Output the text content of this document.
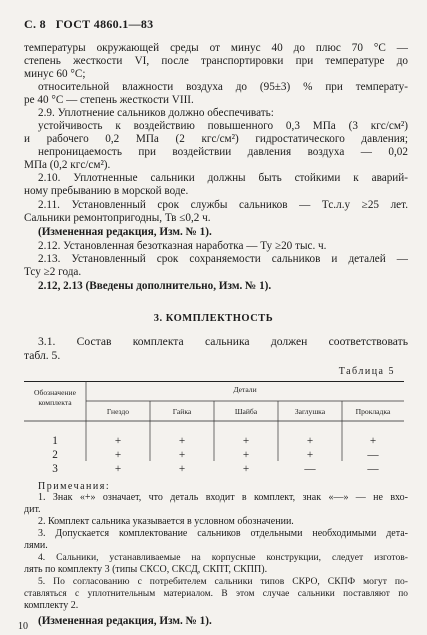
С. 8 ГОСТ 4860.1—83
температуры окружающей среды от минус 40 до плюс 70 °С —
степень жесткости VI, после транспортировки при температуре до
минус 60 °С;
относительной влажности воздуха до (95±3) % при температу-
ре 40 °С — степень жесткости VIII.
2.9. Уплотнение сальников должно обеспечивать:
устойчивость к воздействию повышенного 0,3 МПа (3 кгс/см²)
и рабочего 0,2 МПа (2 кгс/см²) гидростатического давления;
непроницаемость при воздействии давления воздуха — 0,02
МПа (0,2 кгс/см²).
2.10. Уплотненные сальники должны быть стойкими к аварий-
ному пребыванию в морской воде.
2.11. Установленный срок службы сальников — Тс.л.у ≥25 лет.
Сальники ремонтопригодны, Тв ≤0,2 ч.
(Измененная редакция, Изм. № 1).
2.12. Установленная безотказная наработка — Ту ≥20 тыс. ч.
2.13. Установленный срок сохраняемости сальников и деталей —
Тсу ≥2 года.
2.12, 2.13 (Введены дополнительно, Изм. № 1).
3. КОМПЛЕКТНОСТЬ
3.1. Состав комплекта сальника должен соответствовать
табл. 5.
Таблица 5
Обозначение комплекта
Детали
Гнездо	Гайка	Шайба	Заглушка	Прокладка
1	+	+	+	+	+
2	+	+	+	+	—
3	+	+	+	—	—
Примечания:
1. Знак «+» означает, что деталь входит в комплект, знак «—» — не вхо-
дит.
2. Комплект сальника указывается в условном обозначении.
3. Допускается комплектование сальников отдельными необходимыми дета-
лями.
4. Сальники, устанавливаемые на корпусные конструкции, следует изготов-
лять по комплекту 3 (типы СКСО, СКСД, СКПТ, СКПП).
5. По согласованию с потребителем сальники типов СКРО, СКПФ могут по-
ставляться с уплотнительным материалом. В этом случае сальники поставляют по
комплекту 2.
(Измененная редакция, Изм. № 1).
10
